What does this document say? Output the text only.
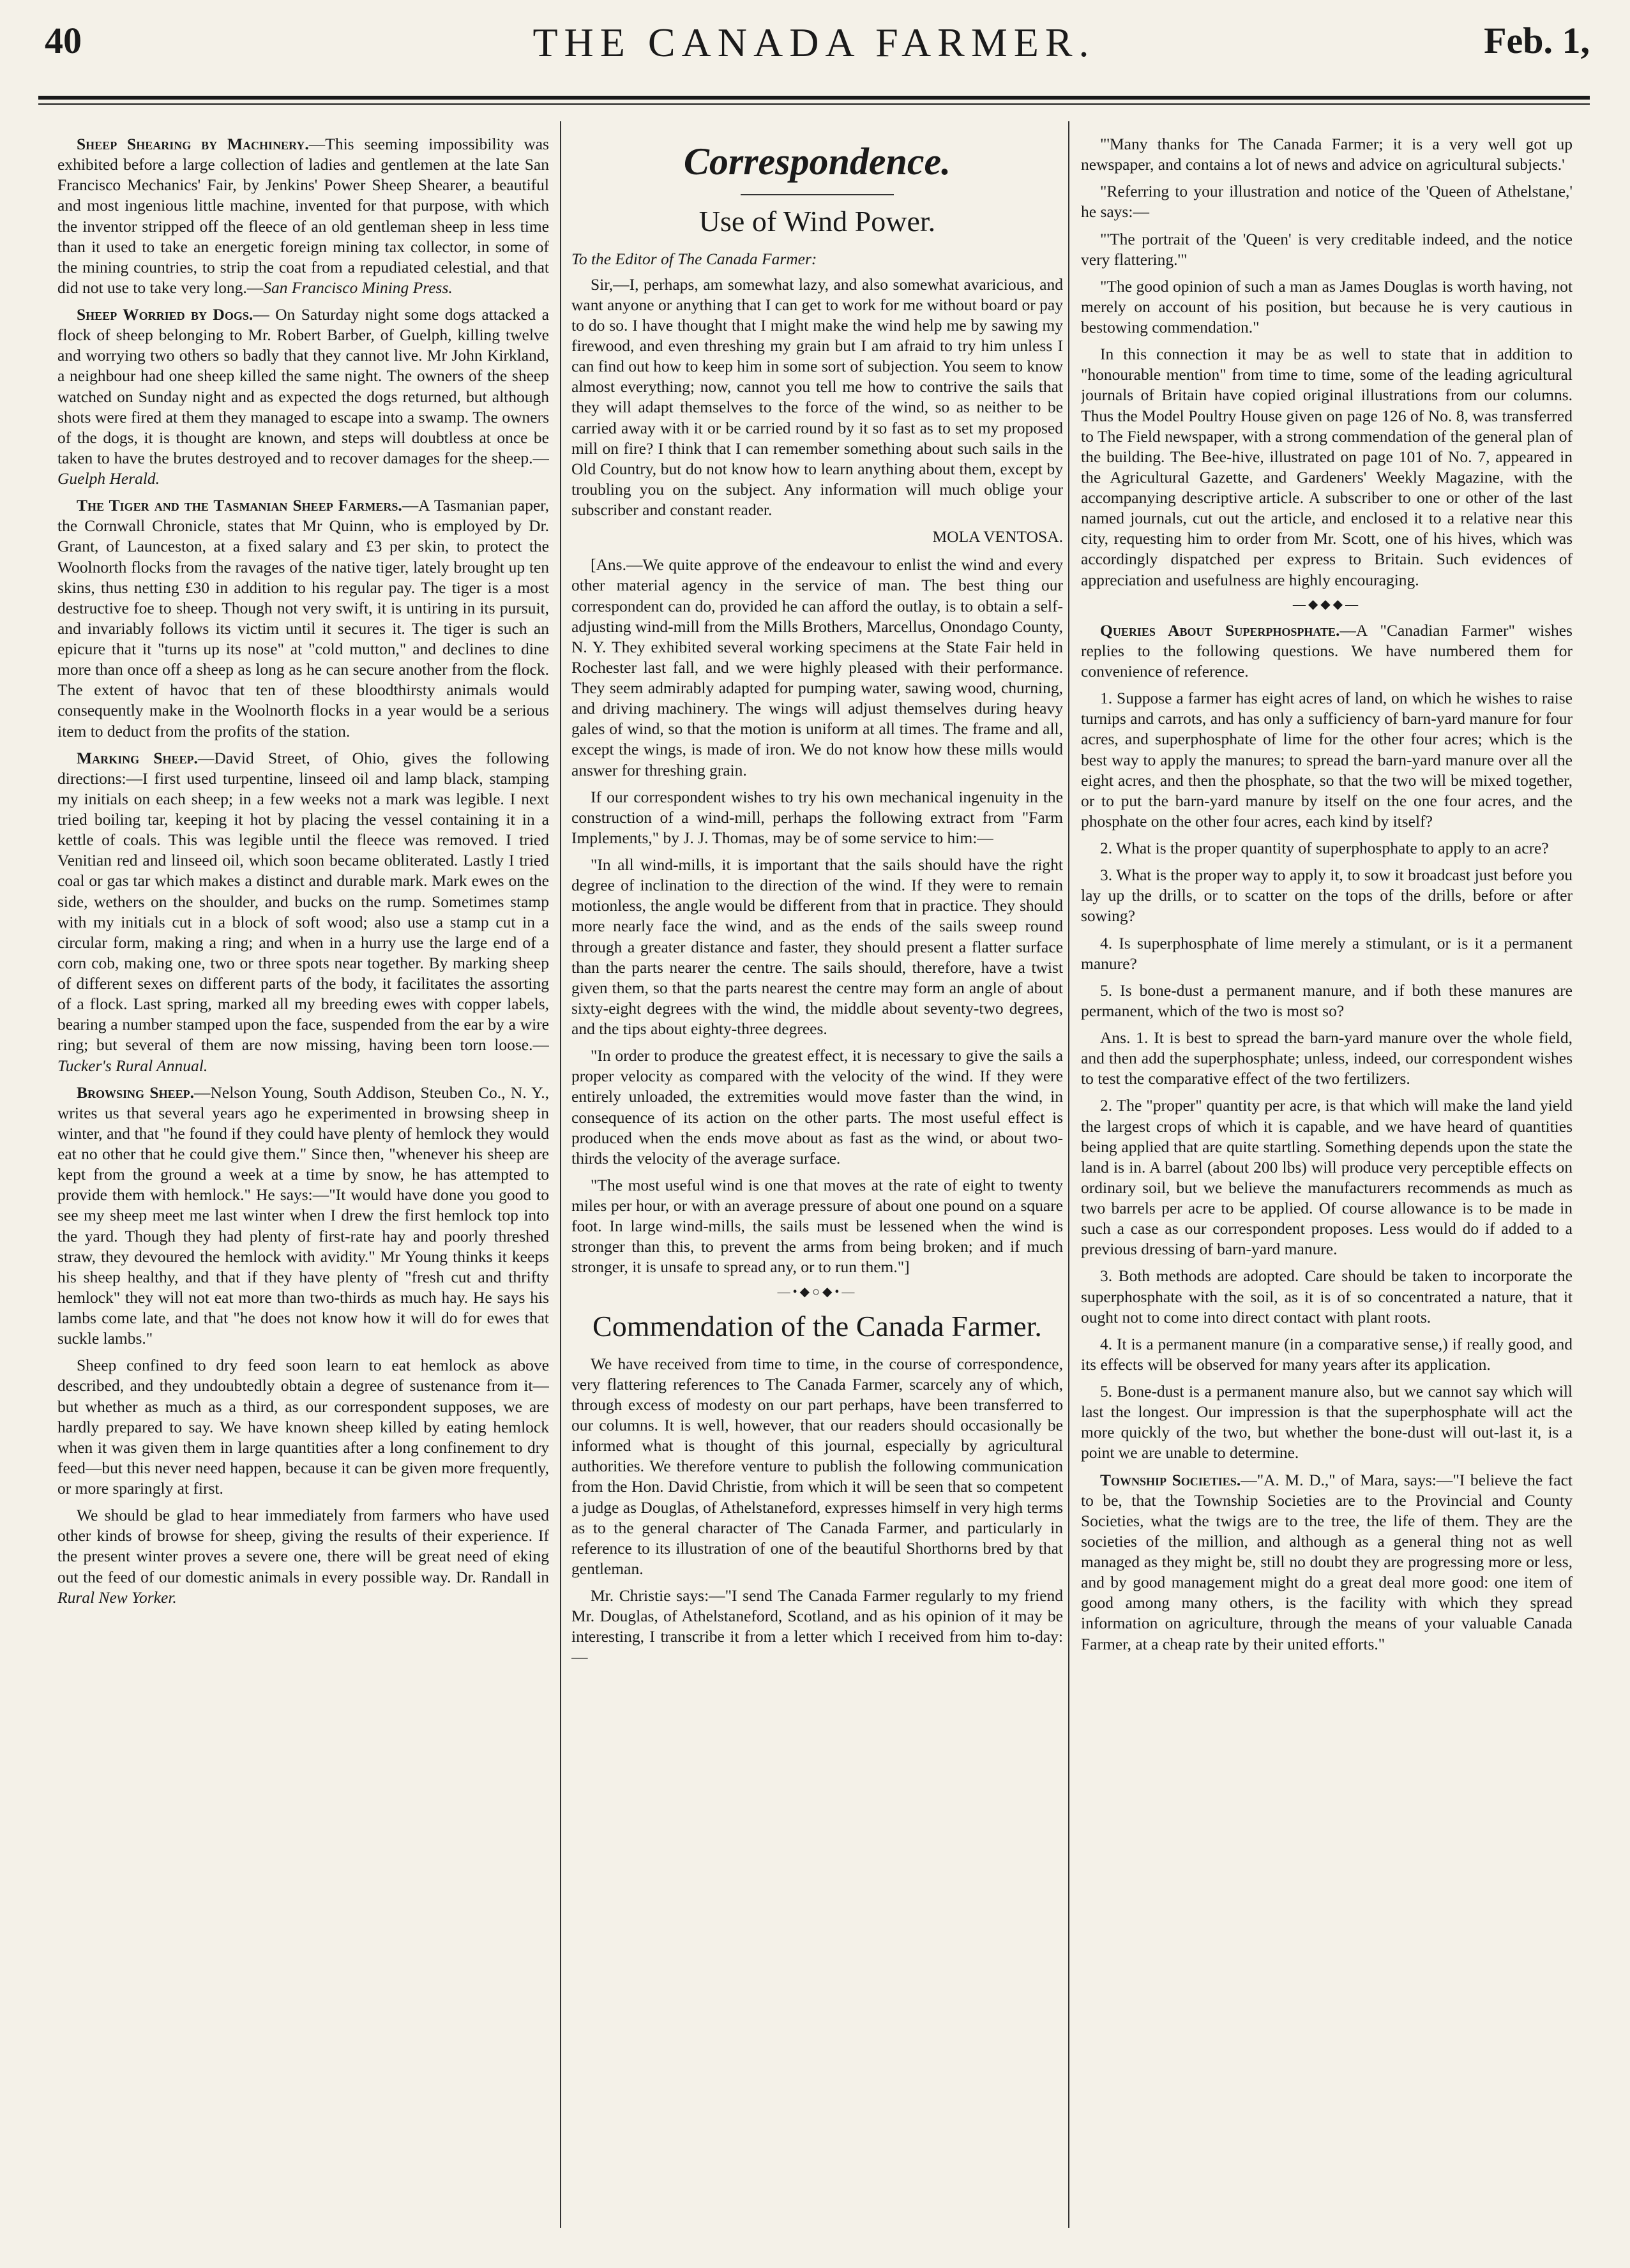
40	THE CANADA FARMER.	Feb. 1,

Sheep Shearing by Machinery.—This seeming impossibility was exhibited before a large collection of ladies and gentlemen at the late San Francisco Mechanics' Fair, by Jenkins' Power Sheep Shearer, a beautiful and most ingenious little machine, invented for that purpose, with which the inventor stripped off the fleece of an old gentleman sheep in less time than it used to take an energetic foreign mining tax collector, in some of the mining countries, to strip the coat from a repudiated celestial, and that did not use to take very long.—San Francisco Mining Press.

Sheep Worried by Dogs.— On Saturday night some dogs attacked a flock of sheep belonging to Mr. Robert Barber, of Guelph, killing twelve and worrying two others so badly that they cannot live. Mr John Kirkland, a neighbour had one sheep killed the same night. The owners of the sheep watched on Sunday night and as expected the dogs returned, but although shots were fired at them they managed to escape into a swamp. The owners of the dogs, it is thought are known, and steps will doubtless at once be taken to have the brutes destroyed and to recover damages for the sheep.—Guelph Herald.

The Tiger and the Tasmanian Sheep Farmers.—A Tasmanian paper, the Cornwall Chronicle, states that Mr Quinn, who is employed by Dr. Grant, of Launceston, at a fixed salary and £3 per skin, to protect the Woolnorth flocks from the ravages of the native tiger, lately brought up ten skins, thus netting £30 in addition to his regular pay. The tiger is a most destructive foe to sheep. Though not very swift, it is untiring in its pursuit, and invariably follows its victim until it secures it. The tiger is such an epicure that it "turns up its nose" at "cold mutton," and declines to dine more than once off a sheep as long as he can secure another from the flock. The extent of havoc that ten of these bloodthirsty animals would consequently make in the Woolnorth flocks in a year would be a serious item to deduct from the profits of the station.

Marking Sheep.—David Street, of Ohio, gives the following directions:—I first used turpentine, linseed oil and lamp black, stamping my initials on each sheep; in a few weeks not a mark was legible. I next tried boiling tar, keeping it hot by placing the vessel containing it in a kettle of coals. This was legible until the fleece was removed. I tried Venitian red and linseed oil, which soon became obliterated. Lastly I tried coal or gas tar which makes a distinct and durable mark. Mark ewes on the side, wethers on the shoulder, and bucks on the rump. Sometimes stamp with my initials cut in a block of soft wood; also use a stamp cut in a circular form, making a ring; and when in a hurry use the large end of a corn cob, making one, two or three spots near together. By marking sheep of different sexes on different parts of the body, it facilitates the assorting of a flock. Last spring, marked all my breeding ewes with copper labels, bearing a number stamped upon the face, suspended from the ear by a wire ring; but several of them are now missing, having been torn loose.—Tucker's Rural Annual.

Browsing Sheep.—Nelson Young, South Addison, Steuben Co., N. Y., writes us that several years ago he experimented in browsing sheep in winter, and that "he found if they could have plenty of hemlock they would eat no other that he could give them." Since then, "whenever his sheep are kept from the ground a week at a time by snow, he has attempted to provide them with hemlock." He says:—"It would have done you good to see my sheep meet me last winter when I drew the first hemlock top into the yard. Though they had plenty of first-rate hay and poorly threshed straw, they devoured the hemlock with avidity." Mr Young thinks it keeps his sheep healthy, and that if they have plenty of "fresh cut and thrifty hemlock" they will not eat more than two-thirds as much hay. He says his lambs come late, and that "he does not know how it will do for ewes that suckle lambs."

Sheep confined to dry feed soon learn to eat hemlock as above described, and they undoubtedly obtain a degree of sustenance from it—but whether as much as a third, as our correspondent supposes, we are hardly prepared to say. We have known sheep killed by eating hemlock when it was given them in large quantities after a long confinement to dry feed—but this never need happen, because it can be given more frequently, or more sparingly at first.

We should be glad to hear immediately from farmers who have used other kinds of browse for sheep, giving the results of their experience. If the present winter proves a severe one, there will be great need of eking out the feed of our domestic animals in every possible way. Dr. Randall in Rural New Yorker.

Correspondence.
Use of Wind Power.
To the Editor of The Canada Farmer:

Sir,—I, perhaps, am somewhat lazy, and also somewhat avaricious, and want anyone or anything that I can get to work for me without board or pay to do so. I have thought that I might make the wind help me by sawing my firewood, and even threshing my grain but I am afraid to try him unless I can find out how to keep him in some sort of subjection. You seem to know almost everything; now, cannot you tell me how to contrive the sails that they will adapt themselves to the force of the wind, so as neither to be carried away with it or be carried round by it so fast as to set my proposed mill on fire? I think that I can remember something about such sails in the Old Country, but do not know how to learn anything about them, except by troubling you on the subject. Any information will much oblige your subscriber and constant reader.

MOLA VENTOSA.

[Ans.—We quite approve of the endeavour to enlist the wind and every other material agency in the service of man. The best thing our correspondent can do, provided he can afford the outlay, is to obtain a self-adjusting wind-mill from the Mills Brothers, Marcellus, Onondago County, N. Y. They exhibited several working specimens at the State Fair held in Rochester last fall, and we were highly pleased with their performance. They seem admirably adapted for pumping water, sawing wood, churning, and driving machinery. The wings will adjust themselves during heavy gales of wind, so that the motion is uniform at all times. The frame and all, except the wings, is made of iron. We do not know how these mills would answer for threshing grain.

If our correspondent wishes to try his own mechanical ingenuity in the construction of a wind-mill, perhaps the following extract from "Farm Implements," by J. J. Thomas, may be of some service to him:—

"In all wind-mills, it is important that the sails should have the right degree of inclination to the direction of the wind. If they were to remain motionless, the angle would be different from that in practice. They should more nearly face the wind, and as the ends of the sails sweep round through a greater distance and faster, they should present a flatter surface than the parts nearer the centre. The sails should, therefore, have a twist given them, so that the parts nearest the centre may form an angle of about sixty-eight degrees with the wind, the middle about seventy-two degrees, and the tips about eighty-three degrees.

"In order to produce the greatest effect, it is necessary to give the sails a proper velocity as compared with the velocity of the wind. If they were entirely unloaded, the extremities would move faster than the wind, in consequence of its action on the other parts. The most useful effect is produced when the ends move about as fast as the wind, or about two-thirds the velocity of the average surface.

"The most useful wind is one that moves at the rate of eight to twenty miles per hour, or with an average pressure of about one pound on a square foot. In large wind-mills, the sails must be lessened when the wind is stronger than this, to prevent the arms from being broken; and if much stronger, it is unsafe to spread any, or to run them."]

—•◆○◆•—
Commendation of the Canada Farmer.

We have received from time to time, in the course of correspondence, very flattering references to The Canada Farmer, scarcely any of which, through excess of modesty on our part perhaps, have been transferred to our columns. It is well, however, that our readers should occasionally be informed what is thought of this journal, especially by agricultural authorities. We therefore venture to publish the following communication from the Hon. David Christie, from which it will be seen that so competent a judge as Douglas, of Athelstaneford, expresses himself in very high terms as to the general character of The Canada Farmer, and particularly in reference to its illustration of one of the beautiful Shorthorns bred by that gentleman.

Mr. Christie says:—"I send The Canada Farmer regularly to my friend Mr. Douglas, of Athelstaneford, Scotland, and as his opinion of it may be interesting, I transcribe it from a letter which I received from him to-day:—

"'Many thanks for The Canada Farmer; it is a very well got up newspaper, and contains a lot of news and advice on agricultural subjects.'

"Referring to your illustration and notice of the 'Queen of Athelstane,' he says:—

"'The portrait of the 'Queen' is very creditable indeed, and the notice very flattering.'"

"The good opinion of such a man as James Douglas is worth having, not merely on account of his position, but because he is very cautious in bestowing commendation."

In this connection it may be as well to state that in addition to "honourable mention" from time to time, some of the leading agricultural journals of Britain have copied original illustrations from our columns. Thus the Model Poultry House given on page 126 of No. 8, was transferred to The Field newspaper, with a strong commendation of the general plan of the building. The Bee-hive, illustrated on page 101 of No. 7, appeared in the Agricultural Gazette, and Gardeners' Weekly Magazine, with the accompanying descriptive article. A subscriber to one or other of the last named journals, cut out the article, and enclosed it to a relative near this city, requesting him to order from Mr. Scott, one of his hives, which was accordingly dispatched per express to Britain. Such evidences of appreciation and usefulness are highly encouraging.

—◆◆◆—

Queries About Superphosphate.—A "Canadian Farmer" wishes replies to the following questions. We have numbered them for convenience of reference.

1. Suppose a farmer has eight acres of land, on which he wishes to raise turnips and carrots, and has only a sufficiency of barn-yard manure for four acres, and superphosphate of lime for the other four acres; which is the best way to apply the manures; to spread the barn-yard manure over all the eight acres, and then the phosphate, so that the two will be mixed together, or to put the barn-yard manure by itself on the one four acres, and the phosphate on the other four acres, each kind by itself?

2. What is the proper quantity of superphosphate to apply to an acre?

3. What is the proper way to apply it, to sow it broadcast just before you lay up the drills, or to scatter on the tops of the drills, before or after sowing?

4. Is superphosphate of lime merely a stimulant, or is it a permanent manure?

5. Is bone-dust a permanent manure, and if both these manures are permanent, which of the two is most so?

Ans. 1. It is best to spread the barn-yard manure over the whole field, and then add the superphosphate; unless, indeed, our correspondent wishes to test the comparative effect of the two fertilizers.

2. The "proper" quantity per acre, is that which will make the land yield the largest crops of which it is capable, and we have heard of quantities being applied that are quite startling. Something depends upon the state the land is in. A barrel (about 200 lbs) will produce very perceptible effects on ordinary soil, but we believe the manufacturers recommends as much as two barrels per acre to be applied. Of course allowance is to be made in such a case as our correspondent proposes. Less would do if added to a previous dressing of barn-yard manure.

3. Both methods are adopted. Care should be taken to incorporate the superphosphate with the soil, as it is of so concentrated a nature, that it ought not to come into direct contact with plant roots.

4. It is a permanent manure (in a comparative sense,) if really good, and its effects will be observed for many years after its application.

5. Bone-dust is a permanent manure also, but we cannot say which will last the longest. Our impression is that the superphosphate will act the more quickly of the two, but whether the bone-dust will out-last it, is a point we are unable to determine.

Township Societies.—"A. M. D.," of Mara, says:—"I believe the fact to be, that the Township Societies are to the Provincial and County Societies, what the twigs are to the tree, the life of them. They are the societies of the million, and although as a general thing not as well managed as they might be, still no doubt they are progressing more or less, and by good management might do a great deal more good: one item of good among many others, is the facility with which they spread information on agriculture, through the means of your valuable Canada Farmer, at a cheap rate by their united efforts."
